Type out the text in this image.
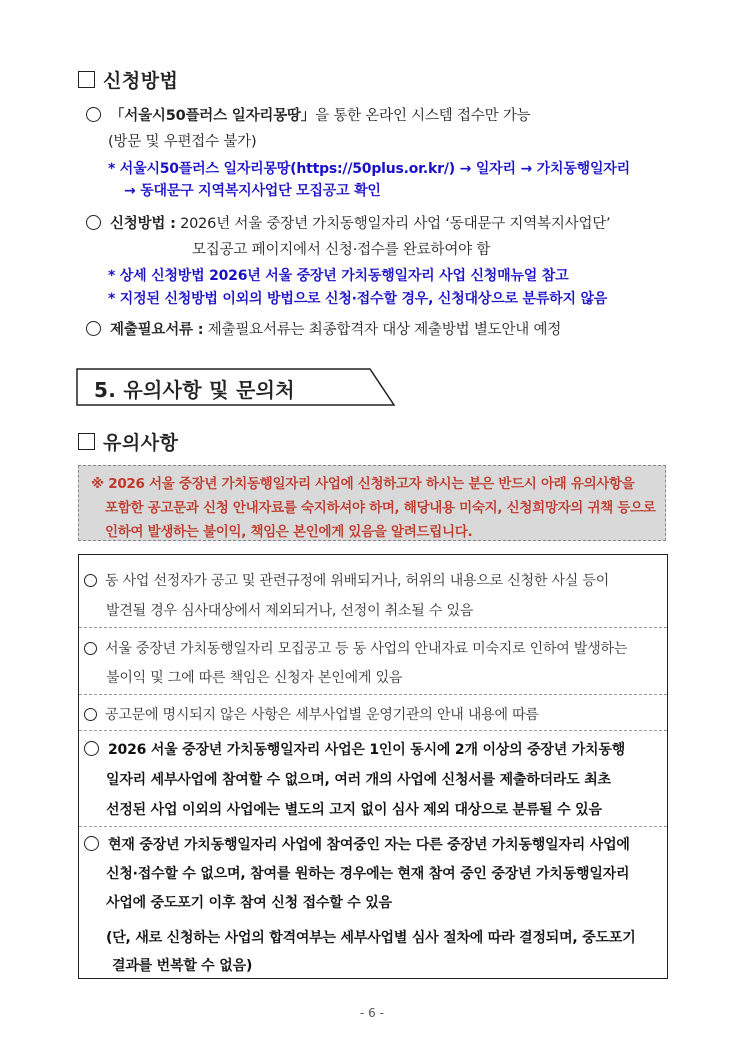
신청방법
「서울시50플러스 일자리몽땅」을 통한 온라인 시스템 접수만 가능
(방문 및 우편접수 불가)
* 서울시50플러스 일자리몽땅(https://50plus.or.kr/) → 일자리 → 가치동행일자리
→ 동대문구 지역복지사업단 모집공고 확인
신청방법 : 2026년 서울 중장년 가치동행일자리 사업 ‘동대문구 지역복지사업단’
모집공고 페이지에서 신청·접수를 완료하여야 함
* 상세 신청방법 2026년 서울 중장년 가치동행일자리 사업 신청매뉴얼 참고
* 지정된 신청방법 이외의 방법으로 신청·접수할 경우, 신청대상으로 분류하지 않음
제출필요서류 : 제출필요서류는 최종합격자 대상 제출방법 별도안내 예정
5. 유의사항 및 문의처
유의사항
※ 2026 서울 중장년 가치동행일자리 사업에 신청하고자 하시는 분은 반드시 아래 유의사항을
포함한 공고문과 신청 안내자료를 숙지하셔야 하며, 해당내용 미숙지, 신청희망자의 귀책 등으로
인하여 발생하는 불이익, 책임은 본인에게 있음을 알려드립니다.
동 사업 선정자가 공고 및 관련규정에 위배되거나, 허위의 내용으로 신청한 사실 등이
발견될 경우 심사대상에서 제외되거나, 선정이 취소될 수 있음
서울 중장년 가치동행일자리 모집공고 등 동 사업의 안내자료 미숙지로 인하여 발생하는
불이익 및 그에 따른 책임은 신청자 본인에게 있음
공고문에 명시되지 않은 사항은 세부사업별 운영기관의 안내 내용에 따름
2026 서울 중장년 가치동행일자리 사업은 1인이 동시에 2개 이상의 중장년 가치동행
일자리 세부사업에 참여할 수 없으며, 여러 개의 사업에 신청서를 제출하더라도 최초
선정된 사업 이외의 사업에는 별도의 고지 없이 심사 제외 대상으로 분류될 수 있음
현재 중장년 가치동행일자리 사업에 참여중인 자는 다른 중장년 가치동행일자리 사업에
신청·접수할 수 없으며, 참여를 원하는 경우에는 현재 참여 중인 중장년 가치동행일자리
사업에 중도포기 이후 참여 신청 접수할 수 있음
(단, 새로 신청하는 사업의 합격여부는 세부사업별 심사 절차에 따라 결정되며, 중도포기
결과를 번복할 수 없음)
- 6 -
